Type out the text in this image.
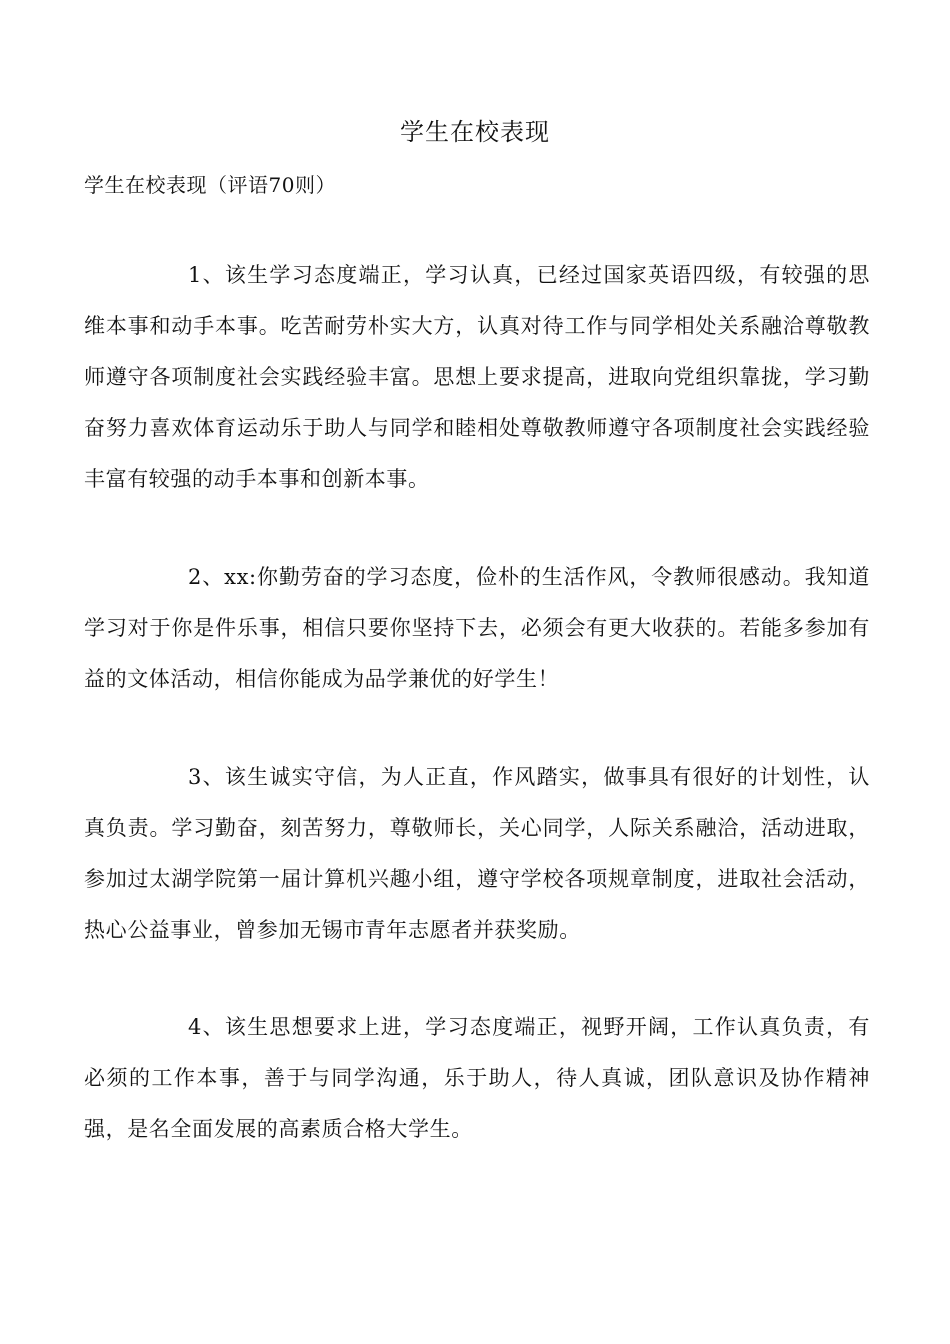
学生在校表现
学生在校表现（评语70则）

1、该生学习态度端正，学习认真，已经过国家英语四级，有较强的思维本事和动手本事。吃苦耐劳朴实大方，认真对待工作与同学相处关系融洽尊敬教师遵守各项制度社会实践经验丰富。思想上要求提高，进取向党组织靠拢，学习勤奋努力喜欢体育运动乐于助人与同学和睦相处尊敬教师遵守各项制度社会实践经验丰富有较强的动手本事和创新本事。

2、xx:你勤劳奋的学习态度，俭朴的生活作风，令教师很感动。我知道学习对于你是件乐事，相信只要你坚持下去，必须会有更大收获的。若能多参加有益的文体活动，相信你能成为品学兼优的好学生！

3、该生诚实守信，为人正直，作风踏实，做事具有很好的计划性，认真负责。学习勤奋，刻苦努力，尊敬师长，关心同学，人际关系融洽，活动进取，参加过太湖学院第一届计算机兴趣小组，遵守学校各项规章制度，进取社会活动，热心公益事业，曾参加无锡市青年志愿者并获奖励。

4、该生思想要求上进，学习态度端正，视野开阔，工作认真负责，有必须的工作本事，善于与同学沟通，乐于助人，待人真诚，团队意识及协作精神强，是名全面发展的高素质合格大学生。
